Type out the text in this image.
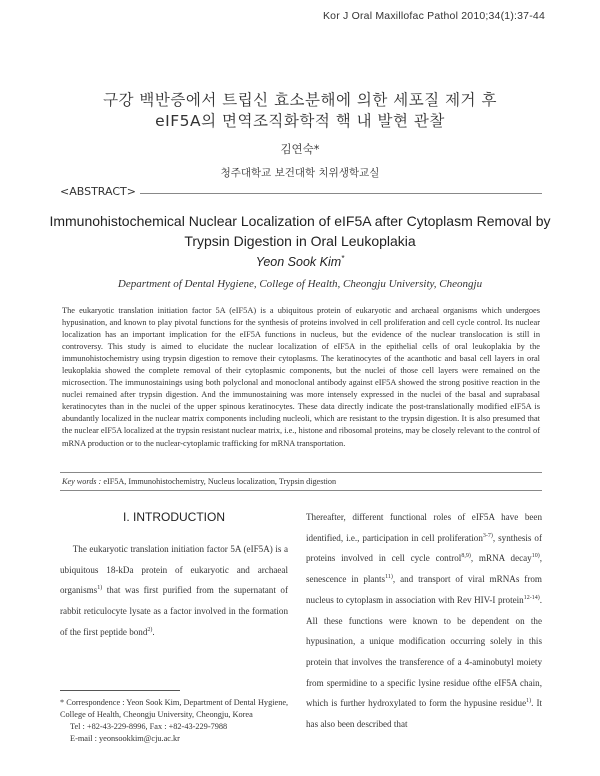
Kor J Oral Maxillofac Pathol 2010;34(1):37-44
구강 백반증에서 트립신 효소분해에 의한 세포질 제거 후
eIF5A의 면역조직화학적 핵 내 발현 관찰
김연숙*
청주대학교 보건대학 치위생학교실
<ABSTRACT>
Immunohistochemical Nuclear Localization of eIF5A after Cytoplasm Removal by
Trypsin Digestion in Oral Leukoplakia
Yeon Sook Kim*
Department of Dental Hygiene, College of Health, Cheongju University, Cheongju

The eukaryotic translation initiation factor 5A (eIF5A) is a ubiquitous protein of eukaryotic and archaeal organisms which undergoes hypusination, and known to play pivotal functions for the synthesis of proteins involved in cell proliferation and cell cycle control. Its nuclear localization has an important implication for the eIF5A functions in nucleus, but the evidence of the nuclear translocation is still in controversy. This study is aimed to elucidate the nuclear localization of eIF5A in the epithelial cells of oral leukoplakia by the immunohistochemistry using trypsin digestion to remove their cytoplasms. The keratinocytes of the acanthotic and basal cell layers in oral leukoplakia showed the complete removal of their cytoplasmic components, but the nuclei of those cell layers were remained on the microsection. The immunostainings using both polyclonal and monoclonal antibody against eIF5A showed the strong positive reaction in the nuclei remained after trypsin digestion. And the immunostaining was more intensely expressed in the nuclei of the basal and suprabasal keratinocytes than in the nuclei of the upper spinous keratinocytes. These data directly indicate the post-translationally modified eIF5A is abundantly localized in the nuclear matrix components including nucleoli, which are resistant to the trypsin digestion. It is also presumed that the nuclear eIF5A localized at the trypsin resistant nuclear matrix, i.e., histone and ribosomal proteins, may be closely relevant to the control of mRNA production or to the nuclear-cytoplamic trafficking for mRNA transportation.

Key words : eIF5A, Immunohistochemistry, Nucleus localization, Trypsin digestion
I. INTRODUCTION

The eukaryotic translation initiation factor 5A (eIF5A) is a ubiquitous 18-kDa protein of eukaryotic and archaeal organisms$^{1)}$ that was first purified from the supernatant of rabbit reticulocyte lysate as a factor involved in the formation of the first peptide bond$^{2)}$.

* Correspondence : Yeon Sook Kim, Department of Dental Hygiene, College of Health, Cheongju University, Cheongju, Korea
Tel : +82-43-229-8996, Fax : +82-43-229-7988
E-mail : yeonsookkim@cju.ac.kr

Thereafter, different functional roles of eIF5A have been identified, i.e., participation in cell proliferation$^{3-7)}$, synthesis of proteins involved in cell cycle control$^{8,9)}$, mRNA decay$^{10)}$, senescence in plants$^{11)}$, and transport of viral mRNAs from nucleus to cytoplasm in association with Rev HIV-I protein$^{12-14)}$. All these functions were known to be dependent on the hypusination, a unique modification occurring solely in this protein that involves the transference of a 4-aminobutyl moiety from spermidine to a specific lysine residue ofthe eIF5A chain, which is further hydroxylated to form the hypusine residue$^{1)}$. It has also been described that
